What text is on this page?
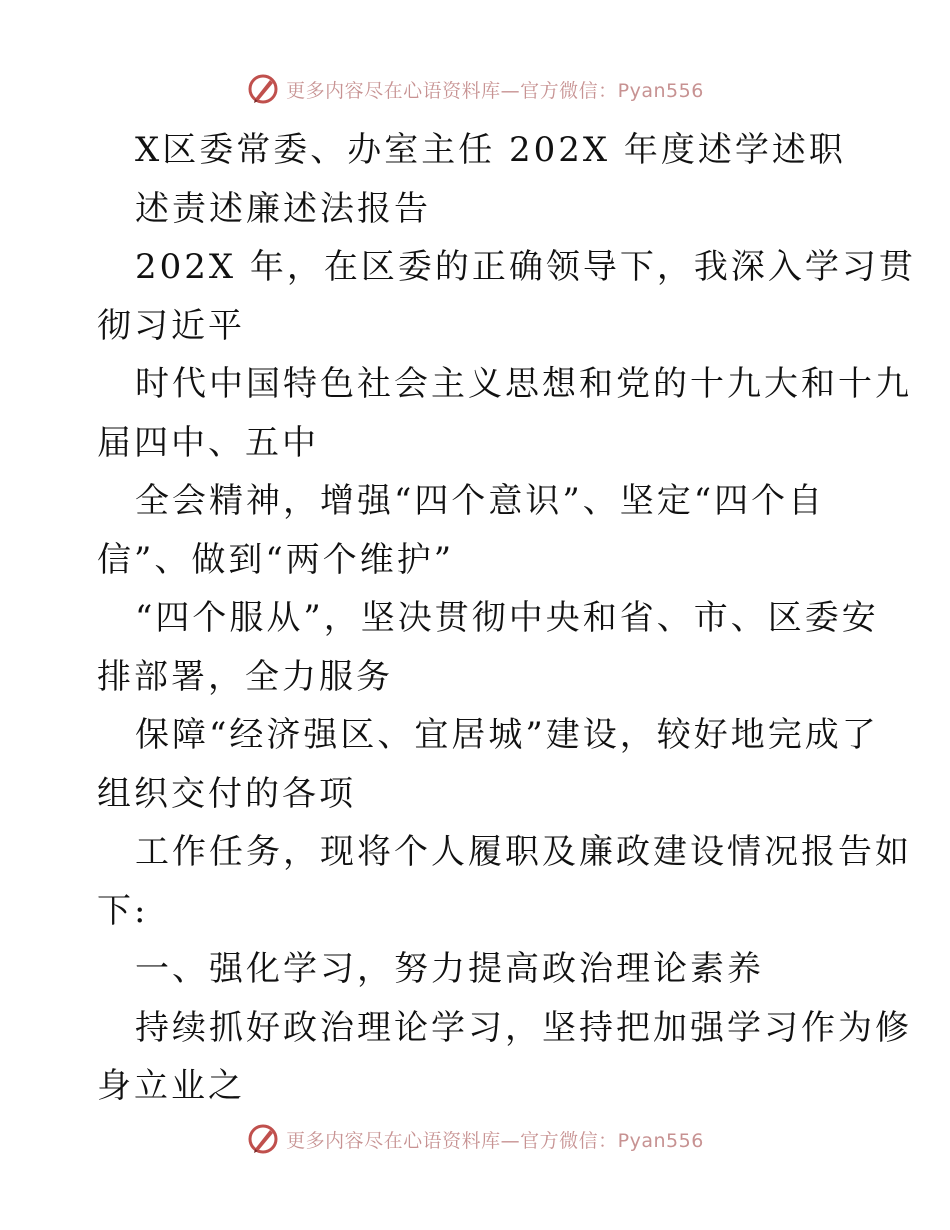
更多内容尽在心语资料库—官方微信：Pyan556
X区委常委、办室主任 202X 年度述学述职
述责述廉述法报告
202X 年，在区委的正确领导下，我深入学习贯
彻习近平
时代中国特色社会主义思想和党的十九大和十九
届四中、五中
全会精神，增强“四个意识”、坚定“四个自
信”、做到“两个维护”
“四个服从”，坚决贯彻中央和省、市、区委安
排部署，全力服务
保障“经济强区、宜居城”建设，较好地完成了
组织交付的各项
工作任务，现将个人履职及廉政建设情况报告如
下:
一、强化学习，努力提高政治理论素养
持续抓好政治理论学习，坚持把加强学习作为修
身立业之
更多内容尽在心语资料库—官方微信：Pyan556
